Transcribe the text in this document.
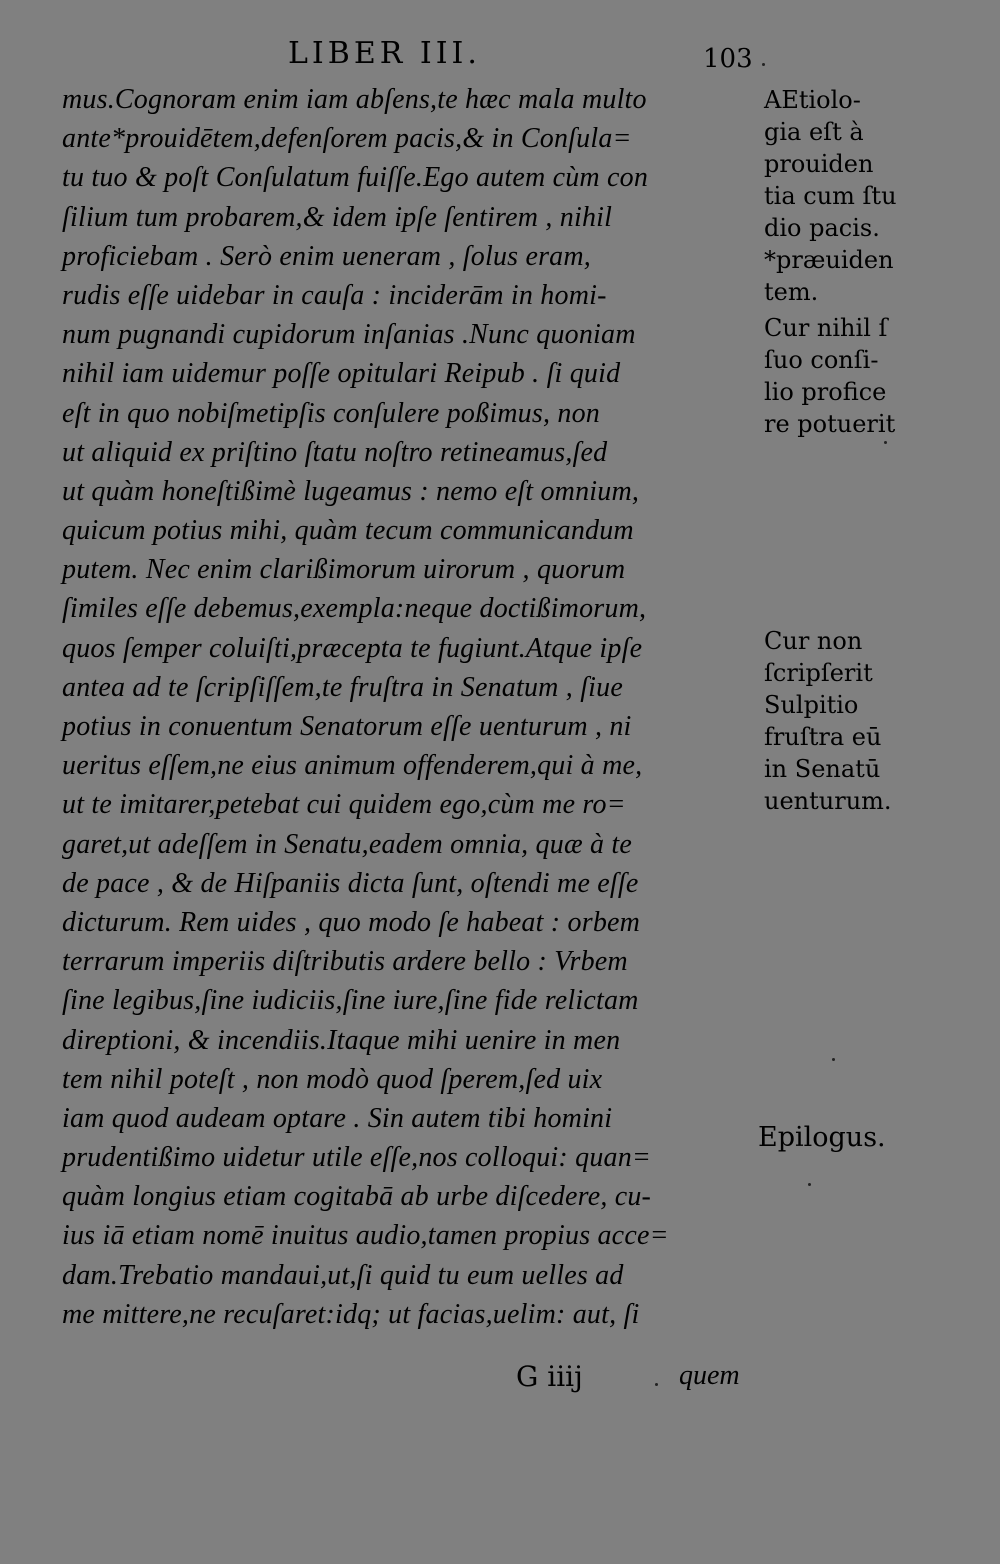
LIBER III.	103
mus.Cognoram enim iam abſens,te hæc mala multo
ante*prouidētem,defenſorem pacis,& in Conſula=
tu tuo & poſt Conſulatum fuiſſe.Ego autem cùm con
ſilium tum probarem,& idem ipſe ſentirem , nihil
proficiebam . Serò enim ueneram , ſolus eram,
rudis eſſe uidebar in cauſa : inciderām in homi-
num pugnandi cupidorum inſanias .Nunc quoniam
nihil iam uidemur poſſe opitulari Reipub . ſi quid
eſt in quo nobiſmetipſis conſulere poßimus, non
ut aliquid ex priſtino ſtatu noſtro retineamus,ſed
ut quàm honeſtißimè lugeamus : nemo eſt omnium,
quicum potius mihi, quàm tecum communicandum
putem. Nec enim clarißimorum uirorum , quorum
ſimiles eſſe debemus,exempla:neque doctißimorum,
quos ſemper coluiſti,præcepta te fugiunt.Atque ipſe
antea ad te ſcripſiſſem,te fruſtra in Senatum , ſiue
potius in conuentum Senatorum eſſe uenturum , ni
ueritus eſſem,ne eius animum offenderem,qui à me,
ut te imitarer,petebat cui quidem ego,cùm me ro=
garet,ut adeſſem in Senatu,eadem omnia, quæ à te
de pace , & de Hiſpaniis dicta ſunt, oſtendi me eſſe
dicturum. Rem uides , quo modo ſe habeat : orbem
terrarum imperiis diſtributis ardere bello : Vrbem
ſine legibus,ſine iudiciis,ſine iure,ſine fide relictam
direptioni, & incendiis.Itaque mihi uenire in men
tem nihil poteſt , non modò quod ſperem,ſed uix
iam quod audeam optare . Sin autem tibi homini
prudentißimo uidetur utile eſſe,nos colloqui: quan=
quàm longius etiam cogitabā ab urbe diſcedere, cu-
ius iā etiam nomē inuitus audio,tamen propius acce=
dam.Trebatio mandaui,ut,ſi quid tu eum uelles ad
me mittere,ne recuſaret:idq; ut facias,uelim: aut, ſi
AEtiolo-
gia eſt à
prouiden
tia cum ſtu
dio pacis.
*præuiden
tem.
Cur nihil ſ
ſuo conſi-
lio profice
re potuerit
Cur non
ſcripſerit
Sulpitio
fruſtra eū
in Senatū
uenturum.
Epilogus.
G iiij	quem
